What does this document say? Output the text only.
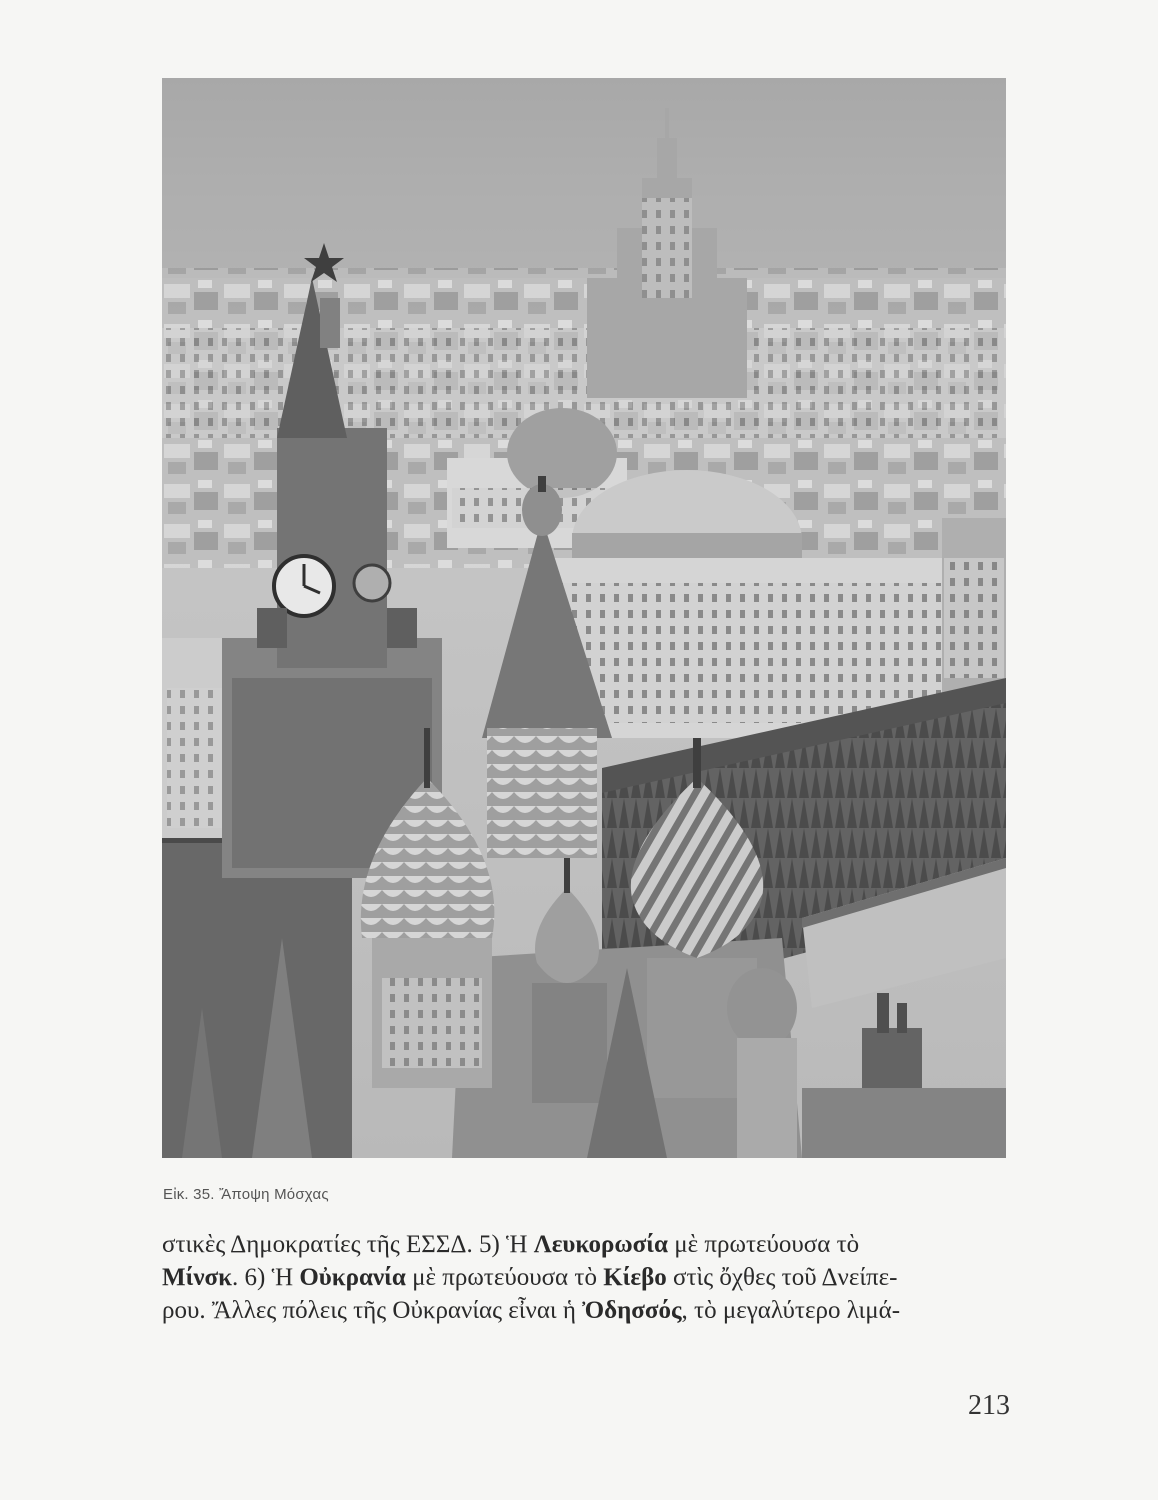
Εἰκ. 35. Ἄποψη Μόσχας
στικὲς Δημοκρατίες τῆς ΕΣΣΔ. 5) Ἡ Λευκορωσία μὲ πρωτεύουσα τὸ
Μίνσκ. 6) Ἡ Οὐκρανία μὲ πρωτεύουσα τὸ Κίεβο στὶς ὄχθες τοῦ Δνείπε-
ρου. Ἄλλες πόλεις τῆς Οὐκρανίας εἶναι ἡ Ὀδησσός, τὸ μεγαλύτερο λιμά-
213
